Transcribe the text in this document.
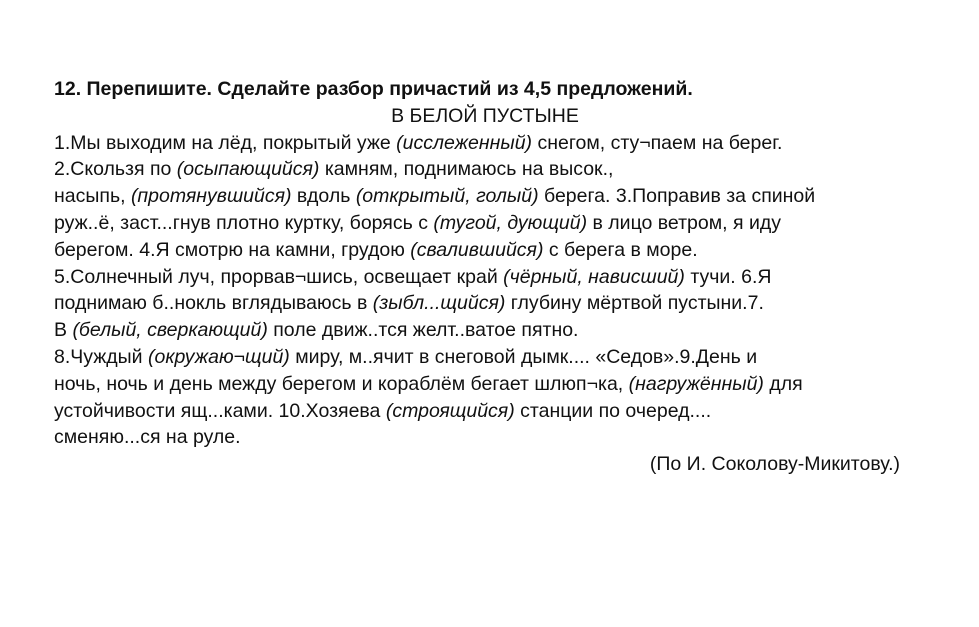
12. Перепишите. Сделайте разбор причастий из 4,5 предложений.

В БЕЛОЙ ПУСТЫНЕ

1.Мы выходим на лёд, покрытый уже (исслеженный) снегом, сту¬паем на берег.

2.Скользя по (осыпающийся) камням, поднимаюсь на высок.,

насыпь, (протянувшийся) вдоль (открытый, голый) берега. 3.Поправив за спиной

руж..ё, заст...гнув плотно куртку, борясь с (тугой, дующий) в лицо ветром, я иду

берегом. 4.Я смотрю на камни, грудою (свалившийся) с берега в море.

5.Солнечный луч, прорвав¬шись, освещает край (чёрный, нависший) тучи. 6.Я

поднимаю б..нокль вглядываюсь в (зыбл...щийся) глубину мёртвой пустыни.7.

В (белый, сверкающий) поле движ..тся желт..ватое пятно.

8.Чуждый (окружаю¬щий) миру, м..ячит в снеговой дымк.... «Седов».9.День и

ночь, ночь и день между берегом и кораблём бегает шлюп¬ка, (нагружённый) для

устойчивости ящ...ками. 10.Хозяева (строящийся) станции по очеред....

сменяю...ся на руле.

(По И. Соколову-Микитову.)
